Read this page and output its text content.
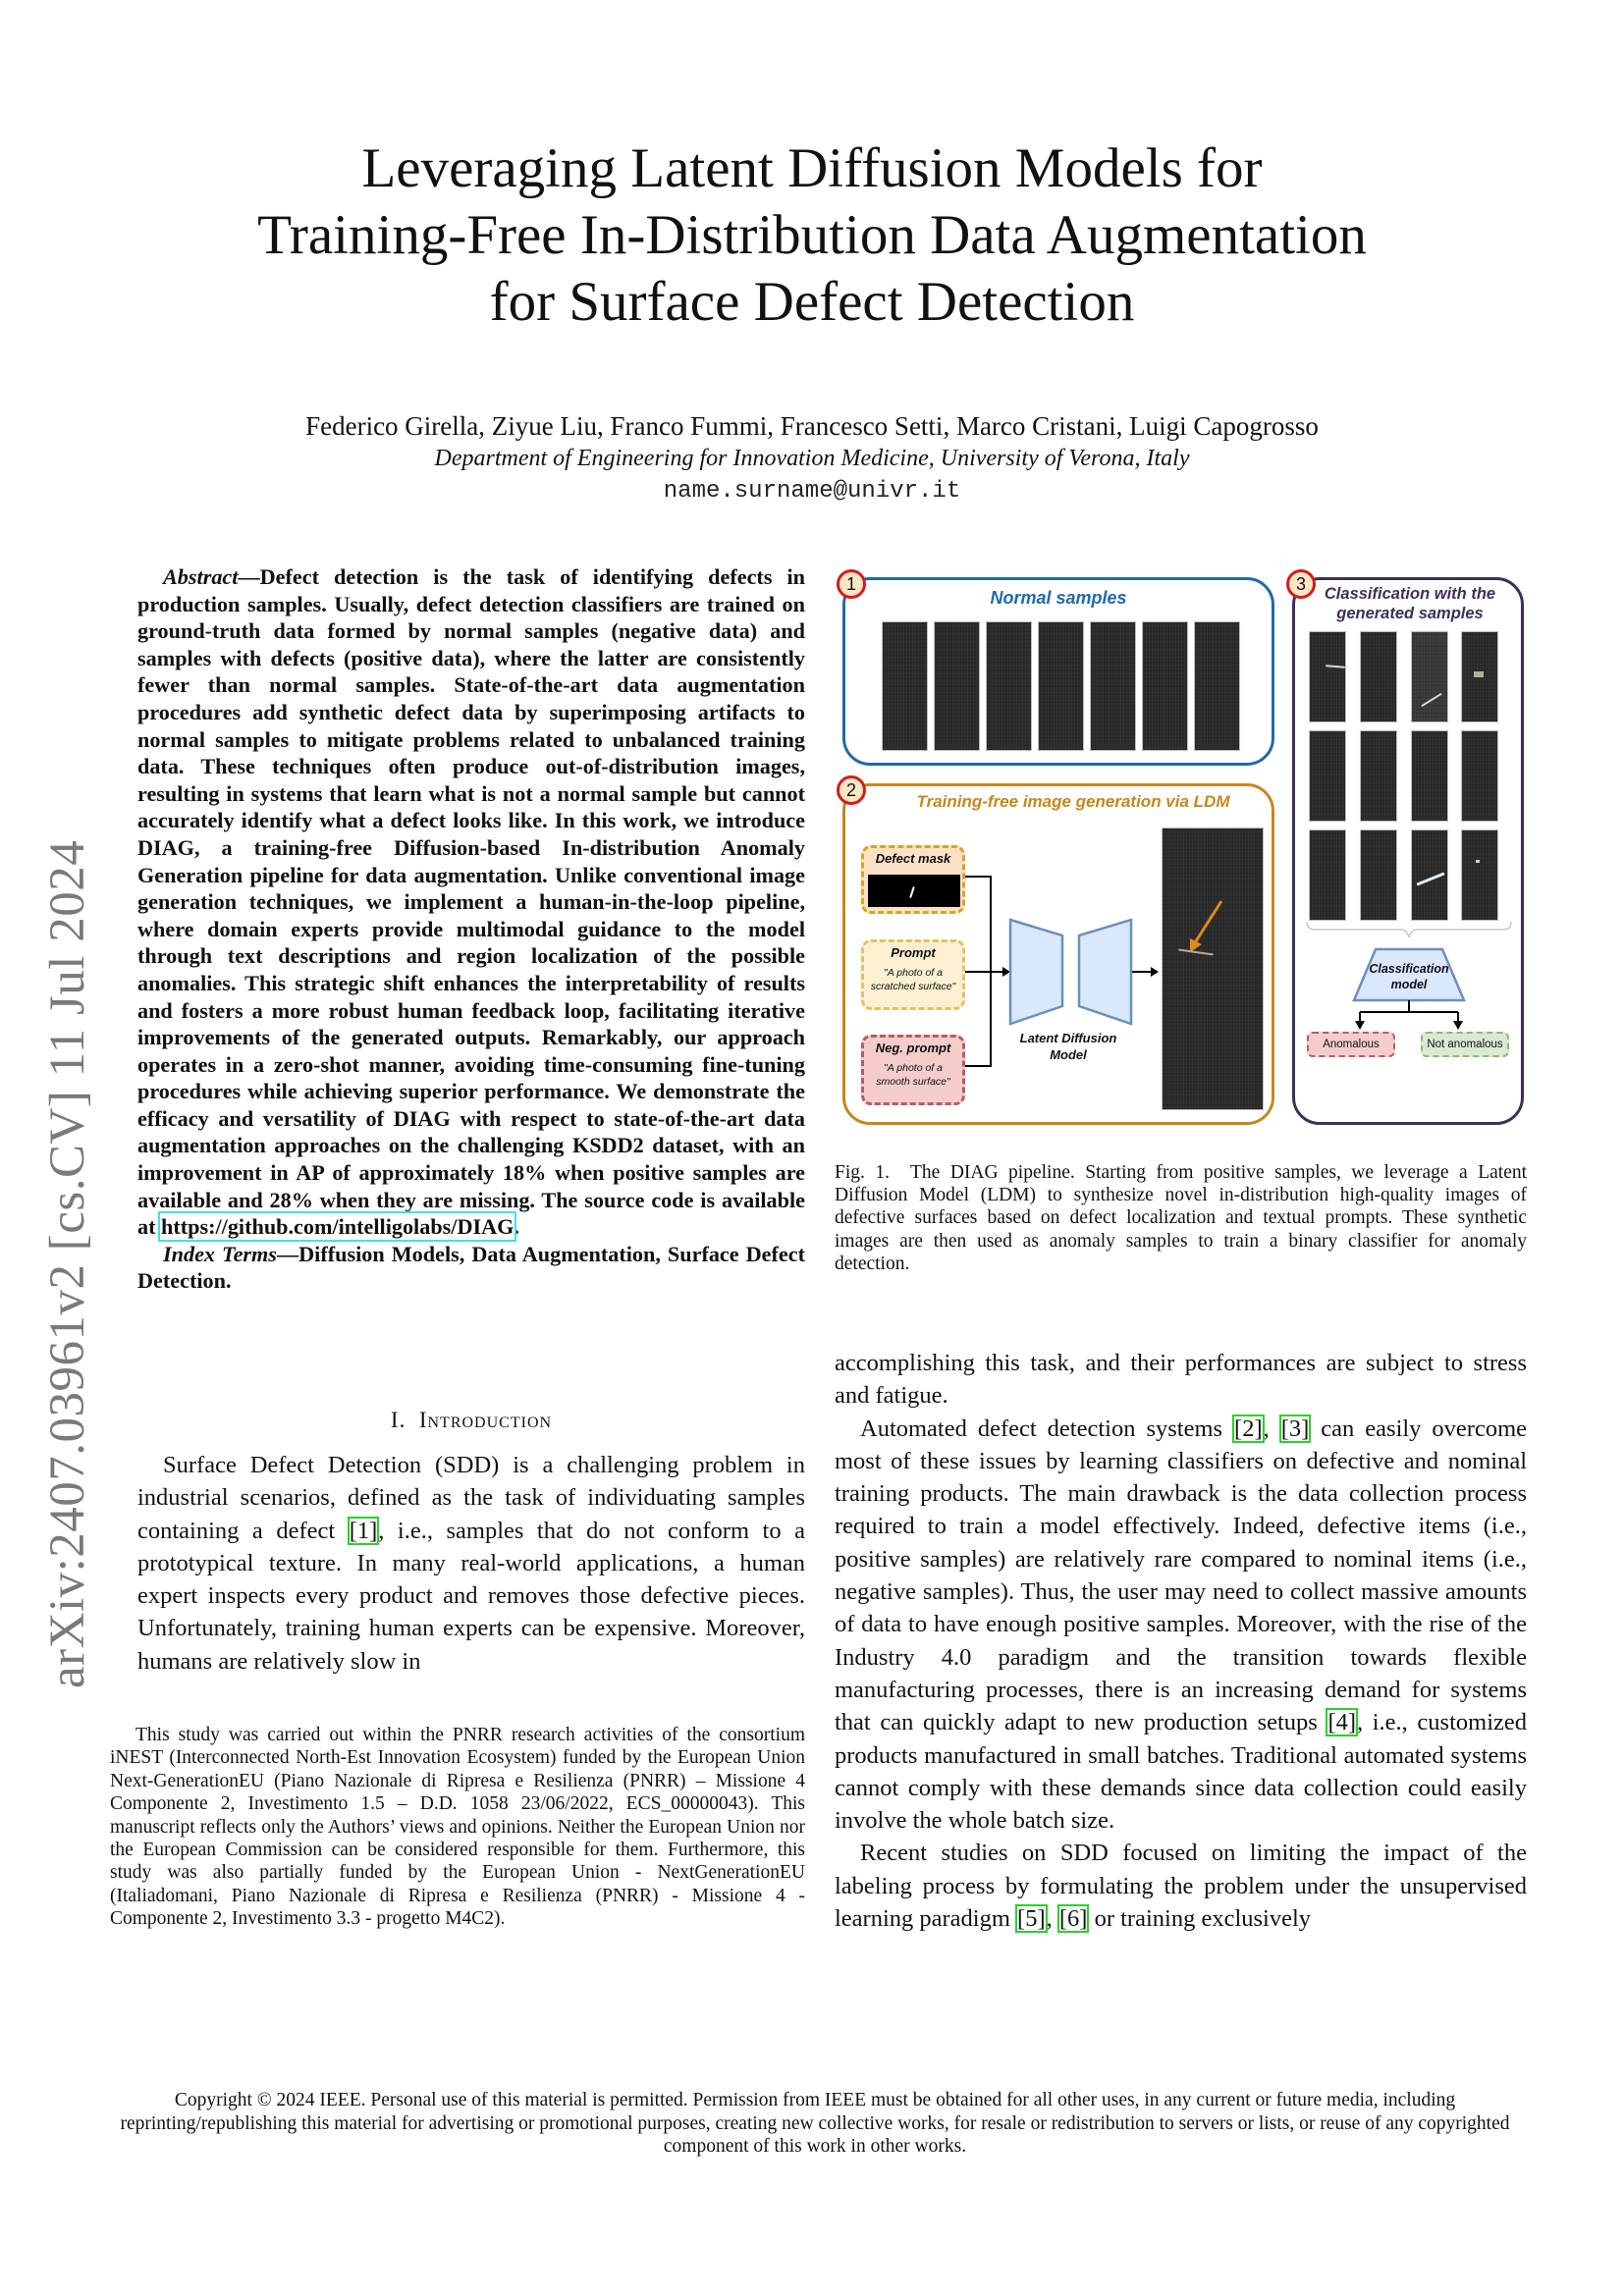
Leveraging Latent Diffusion Models for
Training-Free In-Distribution Data Augmentation
for Surface Defect Detection
Federico Girella, Ziyue Liu, Franco Fummi, Francesco Setti, Marco Cristani, Luigi Capogrosso
Department of Engineering for Innovation Medicine, University of Verona, Italy
name.surname@univr.it
arXiv:2407.03961v2 [cs.CV] 11 Jul 2024

Abstract—Defect detection is the task of identifying defects in production samples. Usually, defect detection classifiers are trained on ground-truth data formed by normal samples (negative data) and samples with defects (positive data), where the latter are consistently fewer than normal samples. State-of-the-art data augmentation procedures add synthetic defect data by superimposing artifacts to normal samples to mitigate problems related to unbalanced training data. These techniques often produce out-of-distribution images, resulting in systems that learn what is not a normal sample but cannot accurately identify what a defect looks like. In this work, we introduce DIAG, a training-free Diffusion-based In-distribution Anomaly Generation pipeline for data augmentation. Unlike conventional image generation techniques, we implement a human-in-the-loop pipeline, where domain experts provide multimodal guidance to the model through text descriptions and region localization of the possible anomalies. This strategic shift enhances the interpretability of results and fosters a more robust human feedback loop, facilitating iterative improvements of the generated outputs. Remarkably, our approach operates in a zero-shot manner, avoiding time-consuming fine-tuning procedures while achieving superior performance. We demonstrate the efficacy and versatility of DIAG with respect to state-of-the-art data augmentation approaches on the challenging KSDD2 dataset, with an improvement in AP of approximately 18% when positive samples are available and 28% when they are missing. The source code is available at https://github.com/intelligolabs/DIAG.

Index Terms—Diffusion Models, Data Augmentation, Surface Defect Detection.

I. Introduction

Surface Defect Detection (SDD) is a challenging problem in industrial scenarios, defined as the task of individuating samples containing a defect [1], i.e., samples that do not conform to a prototypical texture. In many real-world applications, a human expert inspects every product and removes those defective pieces. Unfortunately, training human experts can be expensive. Moreover, humans are relatively slow in

This study was carried out within the PNRR research activities of the consortium iNEST (Interconnected North-Est Innovation Ecosystem) funded by the European Union Next-GenerationEU (Piano Nazionale di Ripresa e Resilienza (PNRR) – Missione 4 Componente 2, Investimento 1.5 – D.D. 1058 23/06/2022, ECS_00000043). This manuscript reflects only the Authors’ views and opinions. Neither the European Union nor the European Commission can be considered responsible for them. Furthermore, this study was also partially funded by the European Union - NextGenerationEU (Italiadomani, Piano Nazionale di Ripresa e Resilienza (PNRR) - Missione 4 - Componente 2, Investimento 3.3 - progetto M4C2).

Normal samples
1
Training-free image generation via LDM
Defect mask
Prompt
"A photo of a
scratched surface"
Neg. prompt
"A photo of a
smooth surface"
Latent Diffusion
Model
2
Classification with the
generated samples
Classification
model
Anomalous	Not anomalous
3
Fig. 1. The DIAG pipeline. Starting from positive samples, we leverage a Latent Diffusion Model (LDM) to synthesize novel in-distribution high-quality images of defective surfaces based on defect localization and textual prompts. These synthetic images are then used as anomaly samples to train a binary classifier for anomaly detection.

accomplishing this task, and their performances are subject to stress and fatigue.

Automated defect detection systems [2], [3] can easily overcome most of these issues by learning classifiers on defective and nominal training products. The main drawback is the data collection process required to train a model effectively. Indeed, defective items (i.e., positive samples) are relatively rare compared to nominal items (i.e., negative samples). Thus, the user may need to collect massive amounts of data to have enough positive samples. Moreover, with the rise of the Industry 4.0 paradigm and the transition towards flexible manufacturing processes, there is an increasing demand for systems that can quickly adapt to new production setups [4], i.e., customized products manufactured in small batches. Traditional automated systems cannot comply with these demands since data collection could easily involve the whole batch size.

Recent studies on SDD focused on limiting the impact of the labeling process by formulating the problem under the unsupervised learning paradigm [5], [6] or training exclusively

Copyright © 2024 IEEE. Personal use of this material is permitted. Permission from IEEE must be obtained for all other uses, in any current or future media, including reprinting/republishing this material for advertising or promotional purposes, creating new collective works, for resale or redistribution to servers or lists, or reuse of any copyrighted component of this work in other works.
